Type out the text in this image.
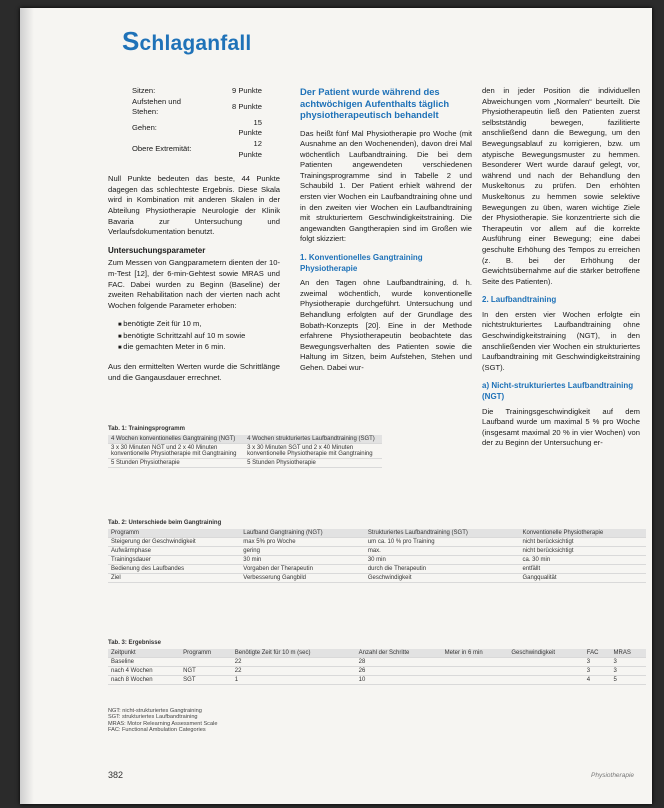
Schlaganfall
Sitzen:	9 Punkte
Aufstehen und Stehen:	8 Punkte
Gehen:	15 Punkte
Obere Extremität:	12 Punkte

Null Punkte bedeuten das beste, 44 Punkte dagegen das schlechteste Ergebnis. Diese Skala wird in Kombination mit anderen Skalen in der Abteilung Physiotherapie Neurologie der Klinik Bavaria zur Untersuchung und Verlaufsdokumentation benutzt.

Untersuchungsparameter

Zum Messen von Gangparametern dienten der 10-m-Test [12], der 6-min-Gehtest sowie MRAS und FAC. Dabei wurden zu Beginn (Baseline) der zweiten Rehabilitation nach der vierten nach acht Wochen folgende Parameter erhoben:

■ benötigte Zeit für 10 m,
■ benötigte Schrittzahl auf 10 m sowie
■ die gemachten Meter in 6 min.

Aus den ermittelten Werten wurde die Schrittlänge und die Gangausdauer errechnet.

Der Patient wurde während des achtwöchigen Aufenthalts täglich physiotherapeutisch behandelt

Das heißt fünf Mal Physiotherapie pro Woche (mit Ausnahme an den Wochenenden), davon drei Mal wöchentlich Laufbandtraining. Die bei dem Patienten angewendeten verschiedenen Trainingsprogramme sind in Tabelle 2 und Schaubild 1. Der Patient erhielt während der ersten vier Wochen ein Laufbandtraining ohne und in den zweiten vier Wochen ein Laufbandtraining mit strukturiertem Geschwindigkeitstraining. Die angewandten Gangtherapien sind im Großen wie folgt skizziert:

1. Konventionelles Gangtraining Physiotherapie

An den Tagen ohne Laufbandtraining, d. h. zweimal wöchentlich, wurde konventionelle Physiotherapie durchgeführt. Untersuchung und Behandlung erfolgten auf der Grundlage des Bobath-Konzepts [20]. Eine in der Methode erfahrene Physiotherapeutin beobachtete das Bewegungsverhalten des Patienten sowie die Haltung im Sitzen, beim Aufstehen, Stehen und Gehen. Dabei wur-

den in jeder Position die individuellen Abweichungen vom „Normalen“ beurteilt. Die Physiotherapeutin ließ den Patienten zuerst selbstständig bewegen, fazilitierte anschließend dann die Bewegung, um den Bewegungsablauf zu korrigieren, bzw. um atypische Bewegungsmuster zu hemmen. Besonderer Wert wurde darauf gelegt, vor, während und nach der Behandlung den Muskeltonus zu prüfen. Den erhöhten Muskeltonus zu hemmen sowie selektive Bewegungen zu üben, waren wichtige Ziele der Physiotherapie. Sie konzentrierte sich die Therapeutin vor allem auf die korrekte Ausführung einer Bewegung; eine dabei geschulte Erhöhung des Tempos zu erreichen (z. B. bei der Erhöhung der Gewichtsübernahme auf die stärker betroffene Seite des Patienten).

2. Laufbandtraining

In den ersten vier Wochen erfolgte ein nichtstrukturiertes Laufbandtraining ohne Geschwindigkeitstraining (NGT), in den anschließenden vier Wochen ein strukturiertes Laufbandtraining mit Geschwindigkeitstraining (SGT).

a) Nicht-strukturiertes Laufbandtraining (NGT)

Die Trainingsgeschwindigkeit auf dem Laufband wurde um maximal 5 % pro Woche (insgesamt maximal 20 % in vier Wochen) von der zu Beginn der Untersuchung er-

Tab. 1: Trainingsprogramm
4 Wochen konventionelles Gangtraining (NGT)	4 Wochen strukturiertes Laufbandtraining (SGT)
3 x 30 Minuten NGT und 2 x 40 Minuten konventionelle Physiotherapie mit Gangtraining	3 x 30 Minuten SGT und 2 x 40 Minuten konventionelle Physiotherapie mit Gangtraining
5 Stunden Physiotherapie	5 Stunden Physiotherapie
Tab. 2: Unterschiede beim Gangtraining
Programm	Laufband Gangtraining (NGT)	Strukturiertes Laufbandtraining (SGT)	Konventionelle Physiotherapie
Steigerung der Geschwindigkeit	max 5% pro Woche	um ca. 10 % pro Training	nicht berücksichtigt
Aufwärmphase	gering	max.	nicht berücksichtigt
Trainingsdauer	30 min	30 min	ca. 30 min
Bedienung des Laufbandes	Vorgaben der Therapeutin	durch die Therapeutin	entfällt
Ziel	Verbesserung Gangbild	Geschwindigkeit	Gangqualität
Tab. 3: Ergebnisse
Zeitpunkt	Programm	Benötigte Zeit für 10 m (sec)	Anzahl der Schritte	Meter in 6 min	Geschwindigkeit	FAC	MRAS
Baseline		22	28			3	3
nach 4 Wochen	NGT	22	26			3	3
nach 8 Wochen	SGT	1	10			4	5
NGT: nicht-strukturiertes Gangtraining
SGT: strukturiertes Laufbandtraining
MRAS: Motor Relearning Assessment Scale
FAC: Functional Ambulation Categories
382	Physiotherapie
